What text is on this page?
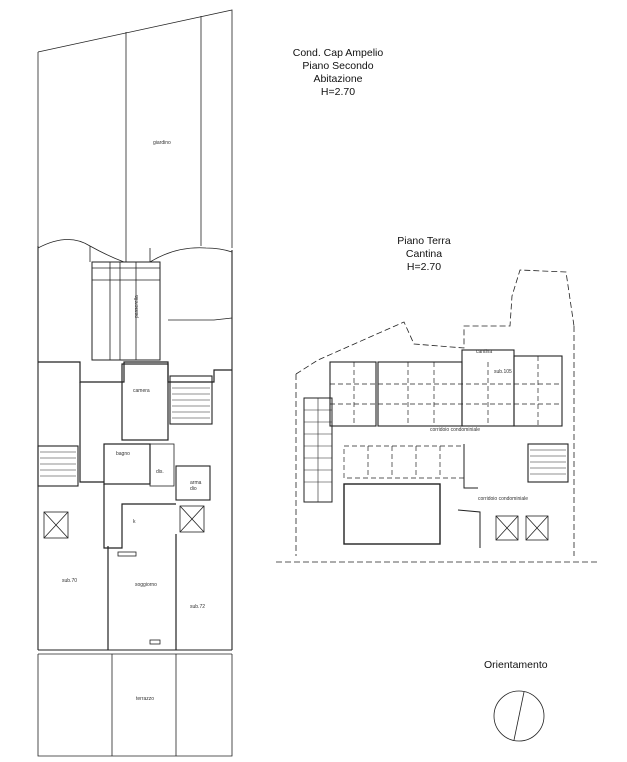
Cond. Cap Ampelio
Piano Secondo
Abitazione
H=2.70
Piano Terra
Cantina
H=2.70
giardino
passerella
camera
bagno
dis.
arma
dio
k
soggiorno
sub.70
sub.72
terrazzo
cantina
sub.105
corridoio condominiale
corridoio condominiale
Orientamento
